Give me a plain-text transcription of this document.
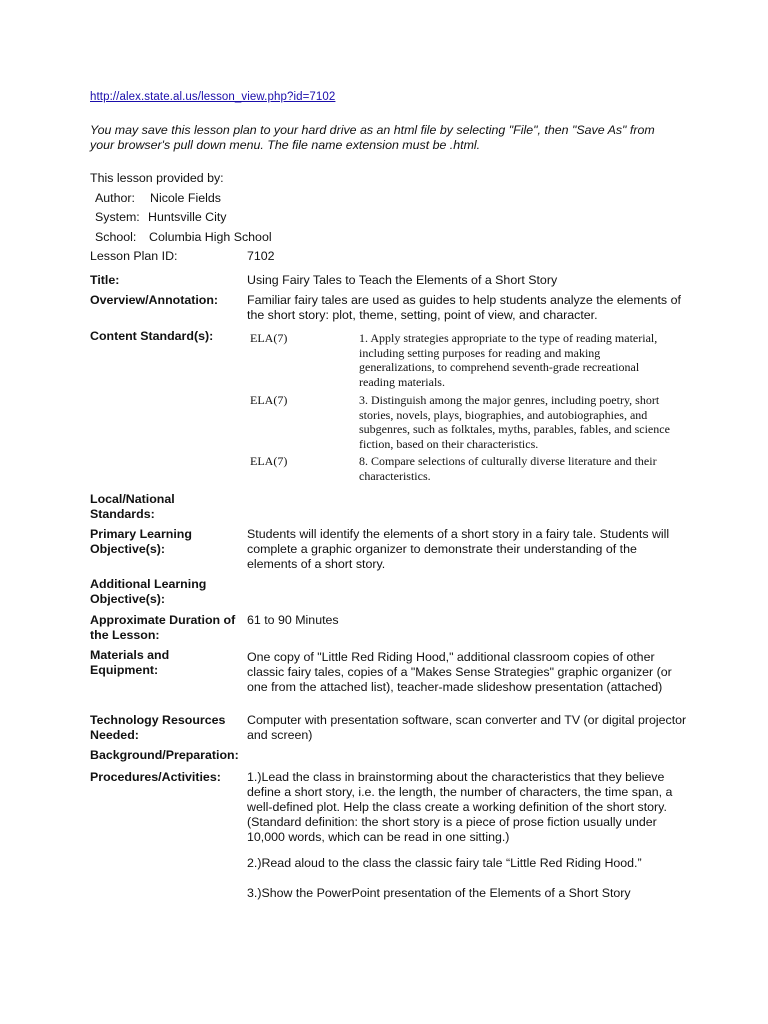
http://alex.state.al.us/lesson_view.php?id=7102
You may save this lesson plan to your hard drive as an html file by selecting "File", then "Save As" from your browser's pull down menu. The file name extension must be .html.
This lesson provided by:
Author:	Nicole Fields
System: Huntsville City
School:	Columbia High School
Lesson Plan ID:	7102
Title:	Using Fairy Tales to Teach the Elements of a Short Story
Overview/Annotation:	Familiar fairy tales are used as guides to help students analyze the elements of the short story: plot, theme, setting, point of view, and character.
Content Standard(s):	ELA(7)	1. Apply strategies appropriate to the type of reading material, including setting purposes for reading and making generalizations, to comprehend seventh-grade recreational reading materials.
ELA(7)	3. Distinguish among the major genres, including poetry, short stories, novels, plays, biographies, and autobiographies, and subgenres, such as folktales, myths, parables, fables, and science fiction, based on their characteristics.
ELA(7)	8. Compare selections of culturally diverse literature and their characteristics.
Local/National Standards:
Primary Learning Objective(s):
Students will identify the elements of a short story in a fairy tale. Students will complete a graphic organizer to demonstrate their understanding of the elements of a short story.
Additional Learning Objective(s):
Approximate Duration of the Lesson:
61 to 90 Minutes
Materials and Equipment:
One copy of "Little Red Riding Hood," additional classroom copies of other classic fairy tales, copies of a "Makes Sense Strategies" graphic organizer (or one from the attached list), teacher-made slideshow presentation (attached)
Technology Resources Needed:
Computer with presentation software, scan converter and TV (or digital projector and screen)
Background/Preparation:
Procedures/Activities:	1.)Lead the class in brainstorming about the characteristics that they believe define a short story, i.e. the length, the number of characters, the time span, a well-defined plot. Help the class create a working definition of the short story. (Standard definition: the short story is a piece of prose fiction usually under 10,000 words, which can be read in one sitting.)
2.)Read aloud to the class the classic fairy tale “Little Red Riding Hood.”
3.)Show the PowerPoint presentation of the Elements of a Short Story
